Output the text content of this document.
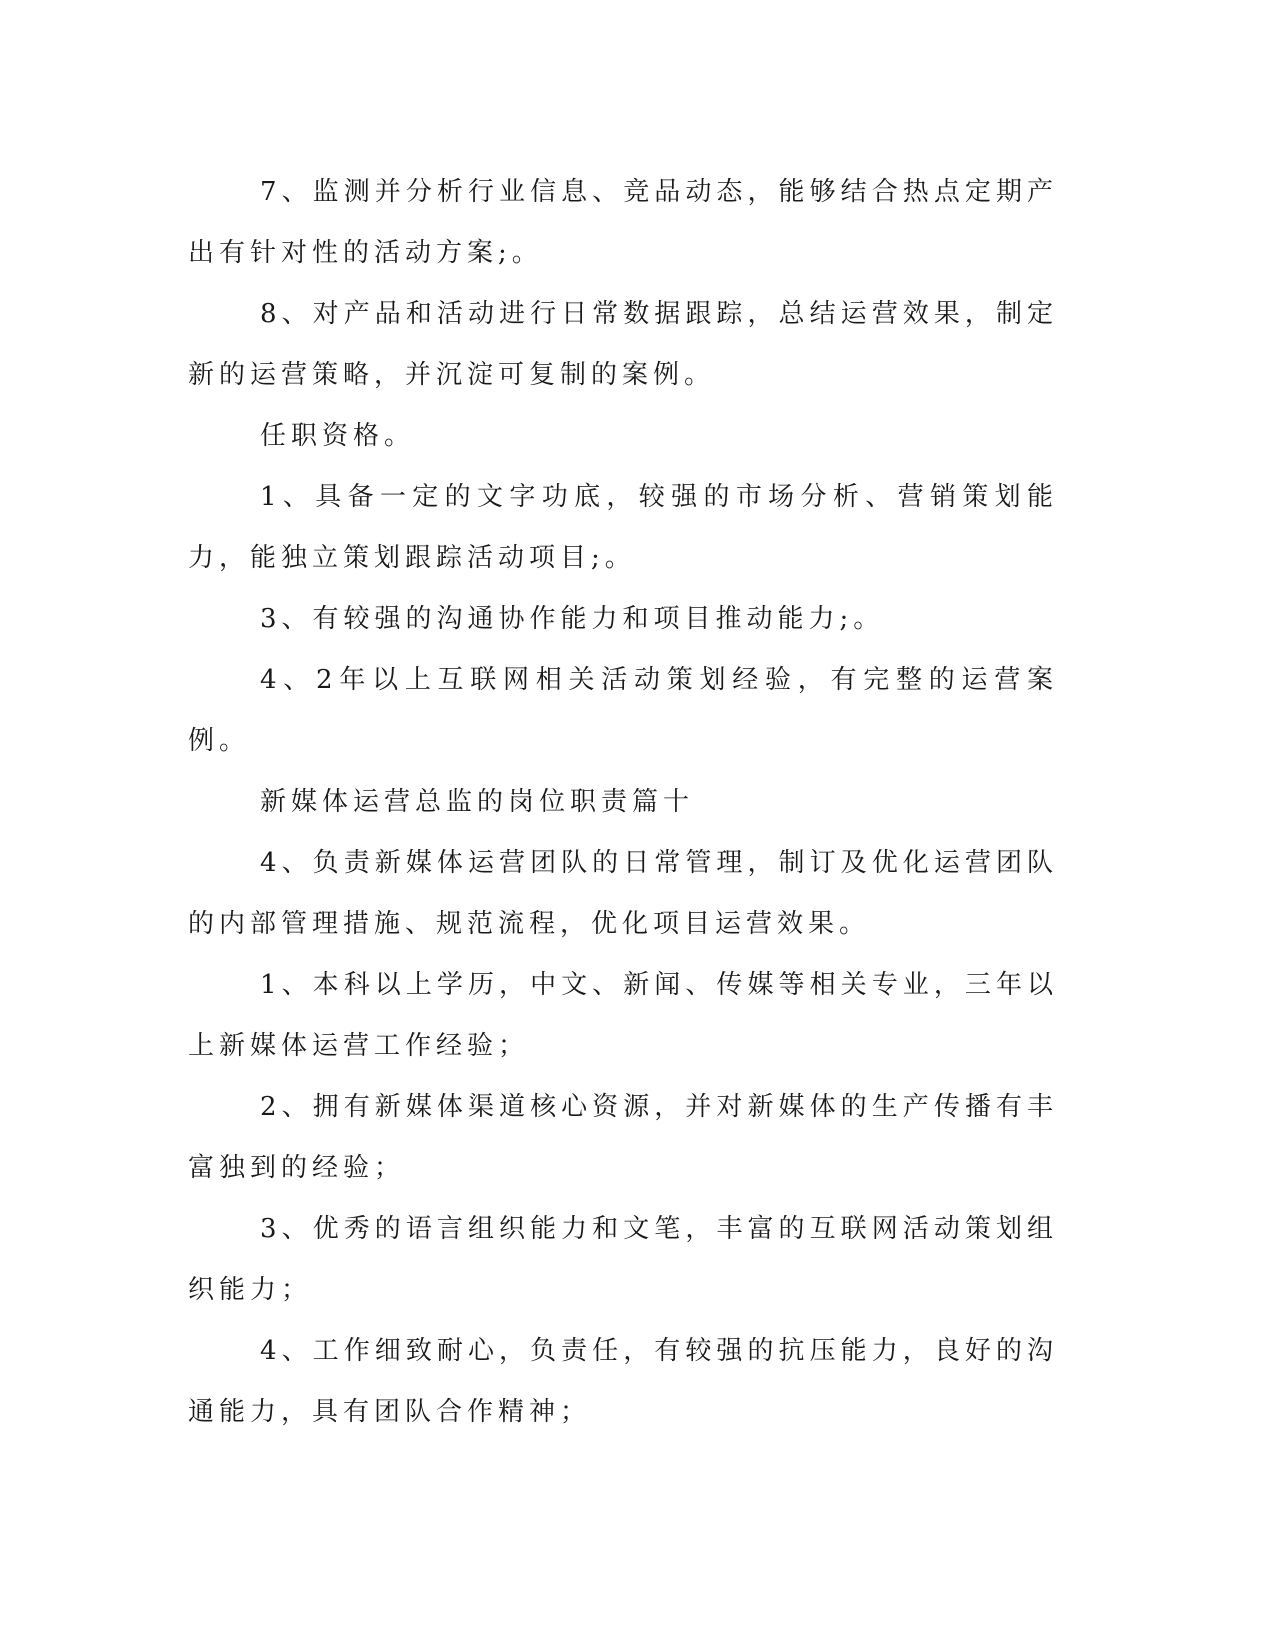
7、监测并分析行业信息、竞品动态，能够结合热点定期产出有针对性的活动方案;。

8、对产品和活动进行日常数据跟踪，总结运营效果，制定新的运营策略，并沉淀可复制的案例。

任职资格。

1、具备一定的文字功底，较强的市场分析、营销策划能力，能独立策划跟踪活动项目;。

3、有较强的沟通协作能力和项目推动能力;。

4、2年以上互联网相关活动策划经验，有完整的运营案例。

新媒体运营总监的岗位职责篇十

4、负责新媒体运营团队的日常管理，制订及优化运营团队的内部管理措施、规范流程，优化项目运营效果。

1、本科以上学历，中文、新闻、传媒等相关专业，三年以上新媒体运营工作经验；

2、拥有新媒体渠道核心资源，并对新媒体的生产传播有丰富独到的经验；

3、优秀的语言组织能力和文笔，丰富的互联网活动策划组织能力；

4、工作细致耐心，负责任，有较强的抗压能力，良好的沟通能力，具有团队合作精神；
